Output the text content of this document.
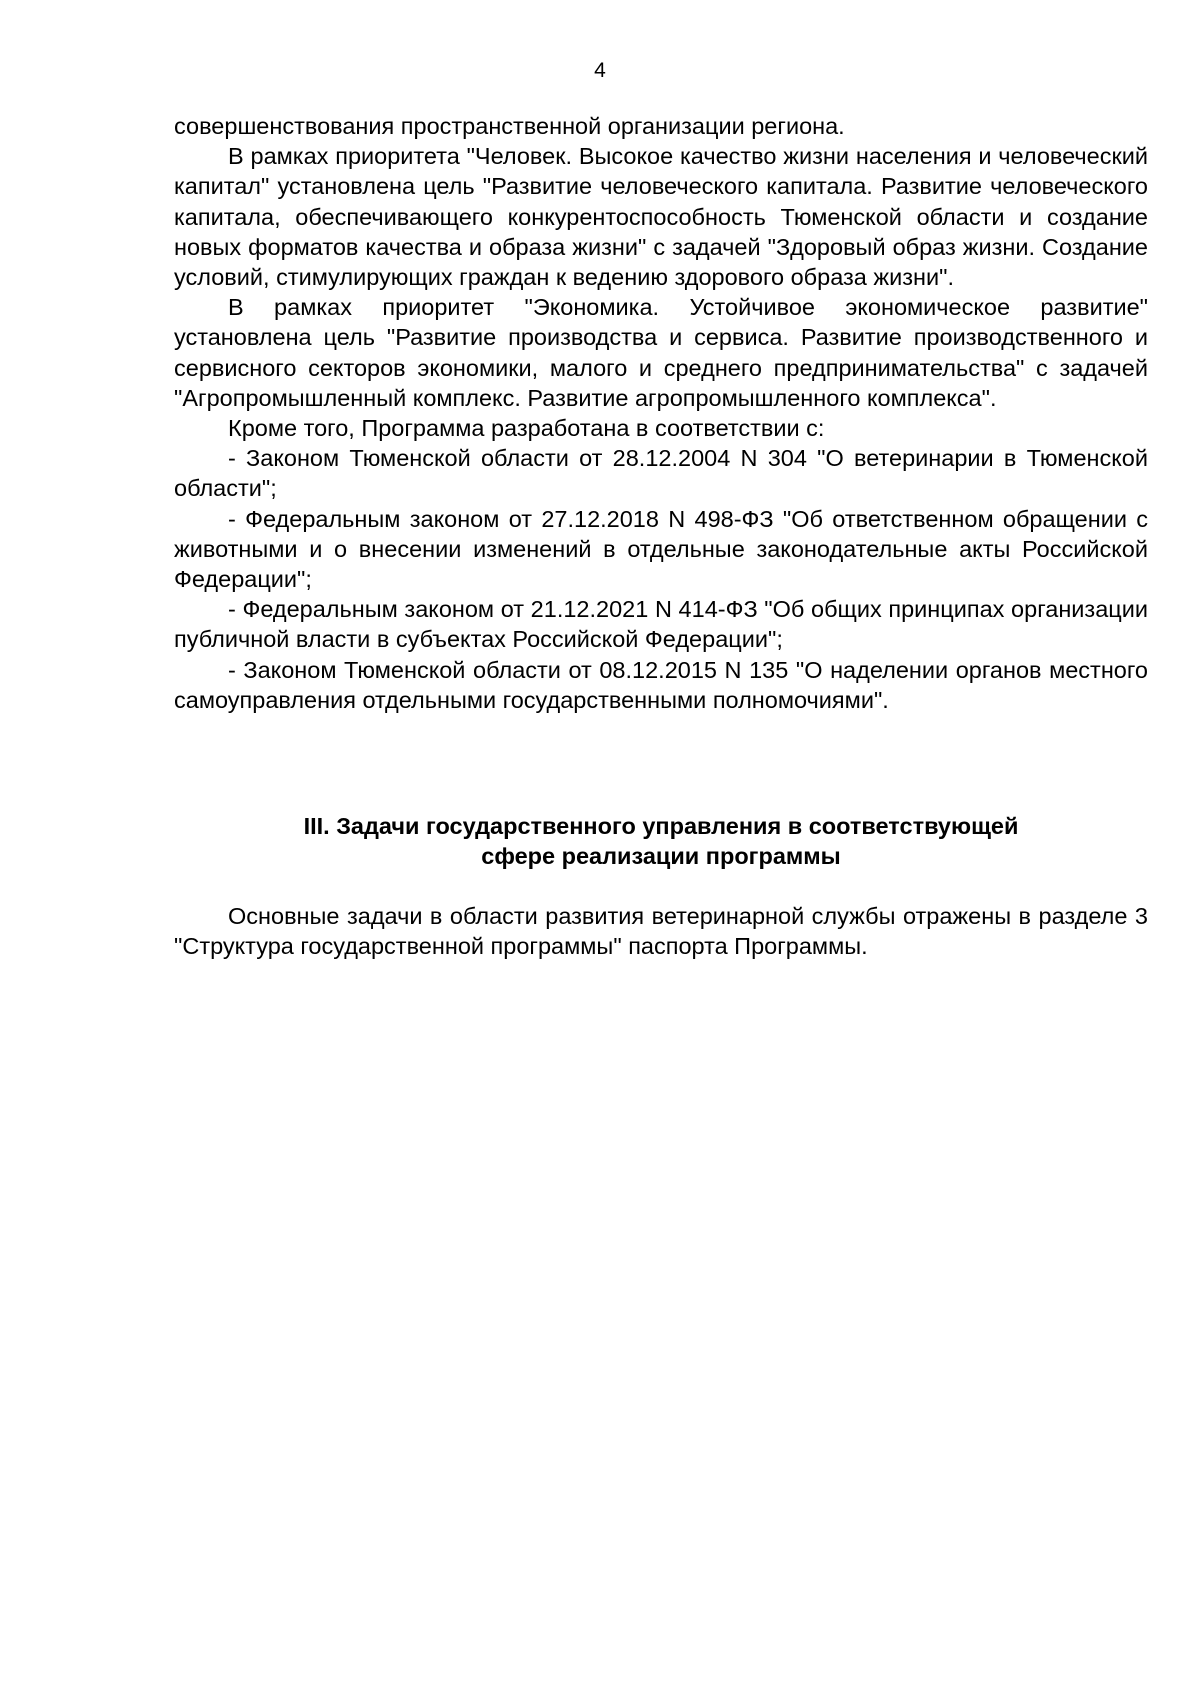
4

совершенствования пространственной организации региона.

В рамках приоритета "Человек. Высокое качество жизни населения и человеческий капитал" установлена цель "Развитие человеческого капитала. Развитие человеческого капитала, обеспечивающего конкурентоспособность Тюменской области и создание новых форматов качества и образа жизни" с задачей "Здоровый образ жизни. Создание условий, стимулирующих граждан к ведению здорового образа жизни".

В рамках приоритет "Экономика. Устойчивое экономическое развитие" установлена цель "Развитие производства и сервиса. Развитие производственного и сервисного секторов экономики, малого и среднего предпринимательства" с задачей "Агропромышленный комплекс. Развитие агропромышленного комплекса".

Кроме того, Программа разработана в соответствии с:

- Законом Тюменской области от 28.12.2004 N 304 "О ветеринарии в Тюменской области";

- Федеральным законом от 27.12.2018 N 498-ФЗ "Об ответственном обращении с животными и о внесении изменений в отдельные законодательные акты Российской Федерации";

- Федеральным законом от 21.12.2021 N 414-ФЗ "Об общих принципах организации публичной власти в субъектах Российской Федерации";

- Законом Тюменской области от 08.12.2015 N 135 "О наделении органов местного самоуправления отдельными государственными полномочиями".

III. Задачи государственного управления в соответствующей
сфере реализации программы

Основные задачи в области развития ветеринарной службы отражены в разделе 3 "Структура государственной программы" паспорта Программы.
